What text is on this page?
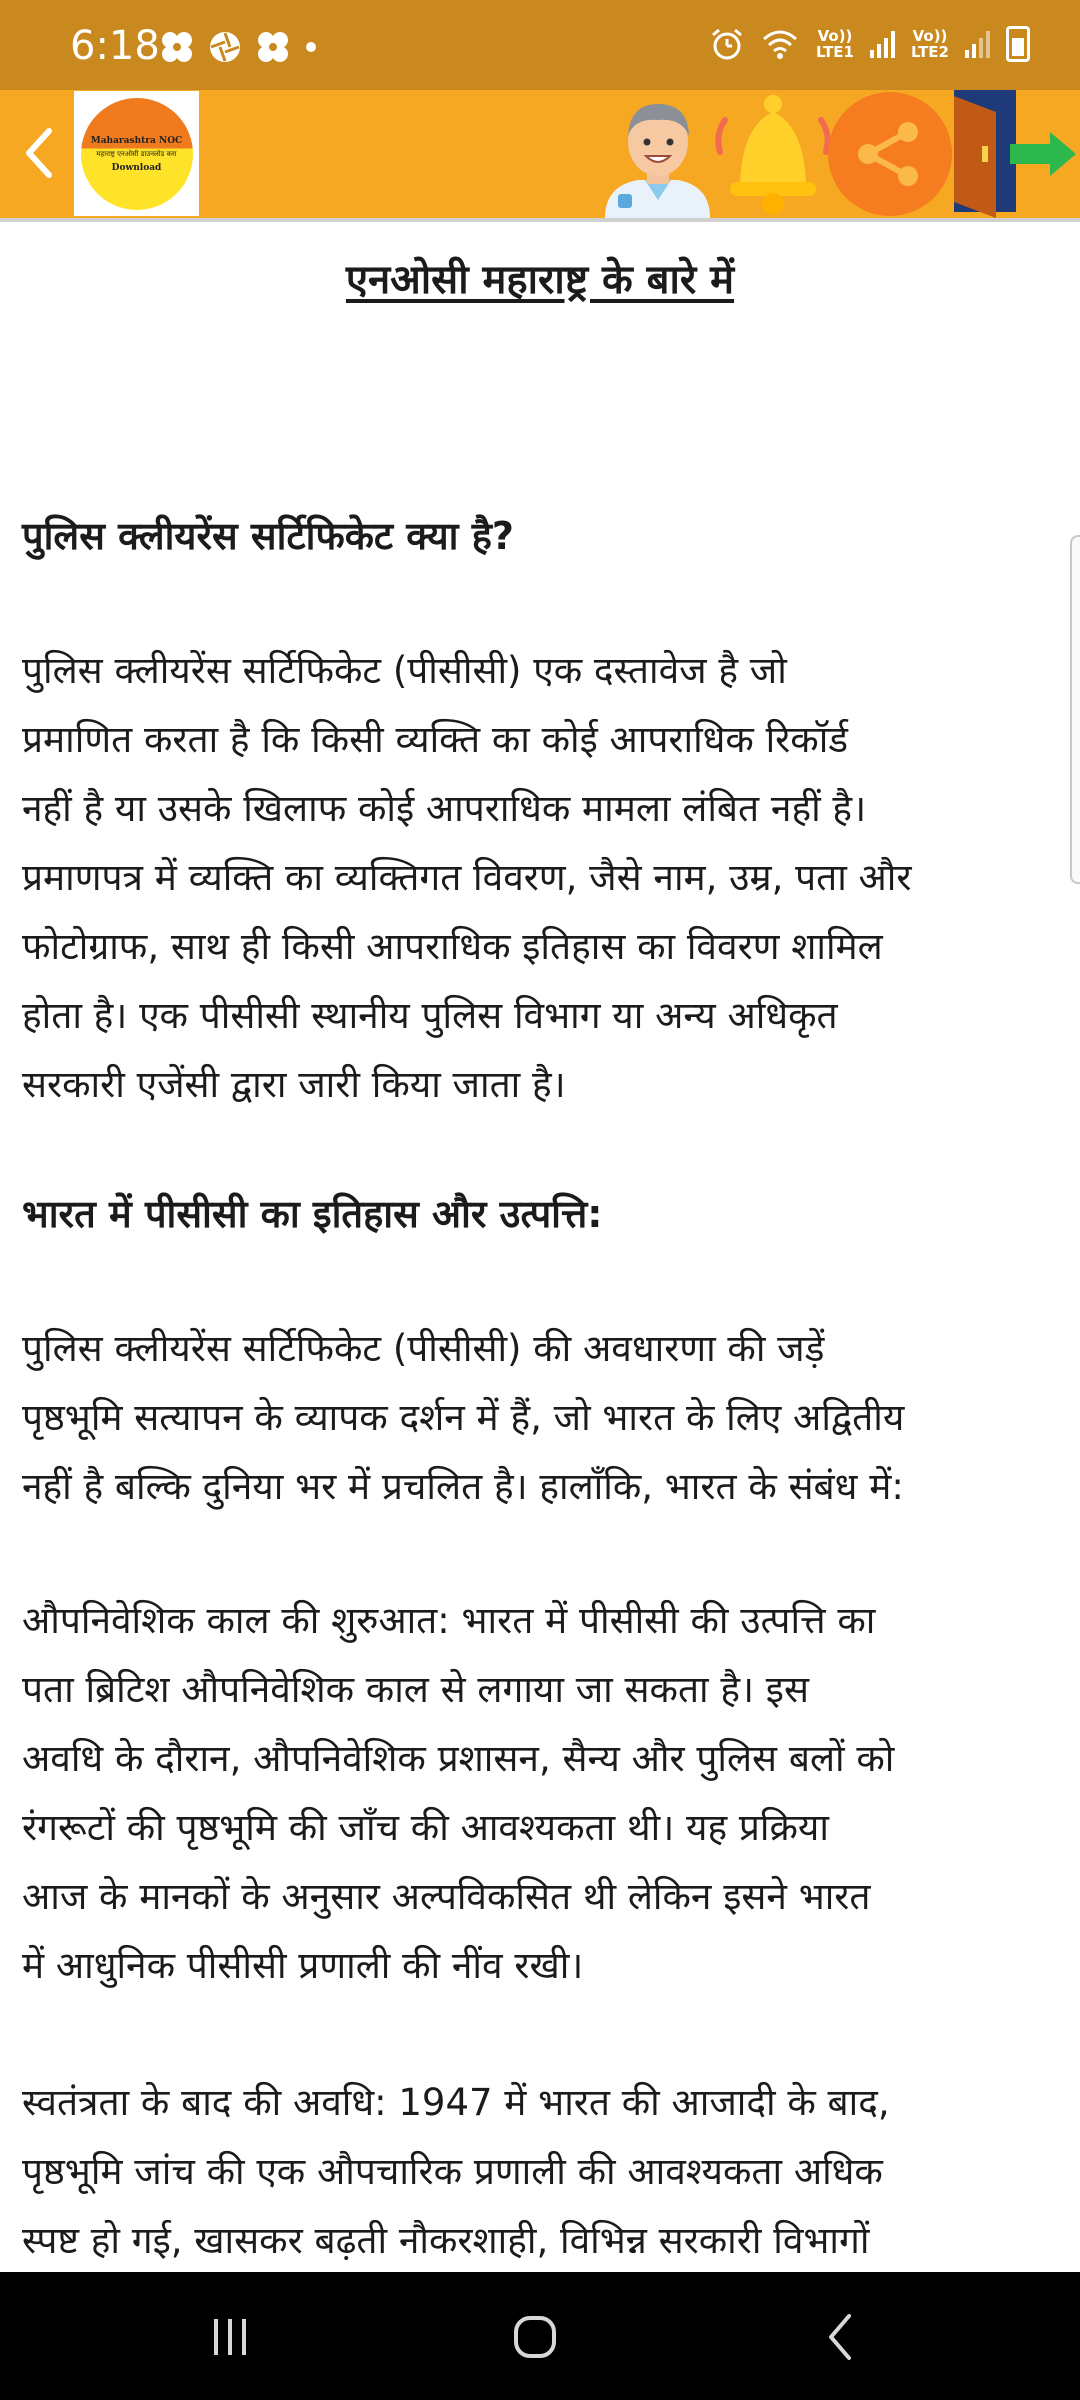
6:18	Vo))
LTE1
Vo))
LTE2
Maharashtra NOC
महाराष्ट्र एनओसी डाउनलोड करा
Download
एनओसी महाराष्ट्र के बारे में
पुलिस क्लीयरेंस सर्टिफिकेट क्या है?
पुलिस क्लीयरेंस सर्टिफिकेट (पीसीसी) एक दस्तावेज है जो
प्रमाणित करता है कि किसी व्यक्ति का कोई आपराधिक रिकॉर्ड
नहीं है या उसके खिलाफ कोई आपराधिक मामला लंबित नहीं है।
प्रमाणपत्र में व्यक्ति का व्यक्तिगत विवरण, जैसे नाम, उम्र, पता और
फोटोग्राफ, साथ ही किसी आपराधिक इतिहास का विवरण शामिल
होता है। एक पीसीसी स्थानीय पुलिस विभाग या अन्य अधिकृत
सरकारी एजेंसी द्वारा जारी किया जाता है।
भारत में पीसीसी का इतिहास और उत्पत्ति:
पुलिस क्लीयरेंस सर्टिफिकेट (पीसीसी) की अवधारणा की जड़ें
पृष्ठभूमि सत्यापन के व्यापक दर्शन में हैं, जो भारत के लिए अद्वितीय
नहीं है बल्कि दुनिया भर में प्रचलित है। हालाँकि, भारत के संबंध में:
औपनिवेशिक काल की शुरुआत: भारत में पीसीसी की उत्पत्ति का
पता ब्रिटिश औपनिवेशिक काल से लगाया जा सकता है। इस
अवधि के दौरान, औपनिवेशिक प्रशासन, सैन्य और पुलिस बलों को
रंगरूटों की पृष्ठभूमि की जाँच की आवश्यकता थी। यह प्रक्रिया
आज के मानकों के अनुसार अल्पविकसित थी लेकिन इसने भारत
में आधुनिक पीसीसी प्रणाली की नींव रखी।
स्वतंत्रता के बाद की अवधि: 1947 में भारत की आजादी के बाद,
पृष्ठभूमि जांच की एक औपचारिक प्रणाली की आवश्यकता अधिक
स्पष्ट हो गई, खासकर बढ़ती नौकरशाही, विभिन्न सरकारी विभागों
